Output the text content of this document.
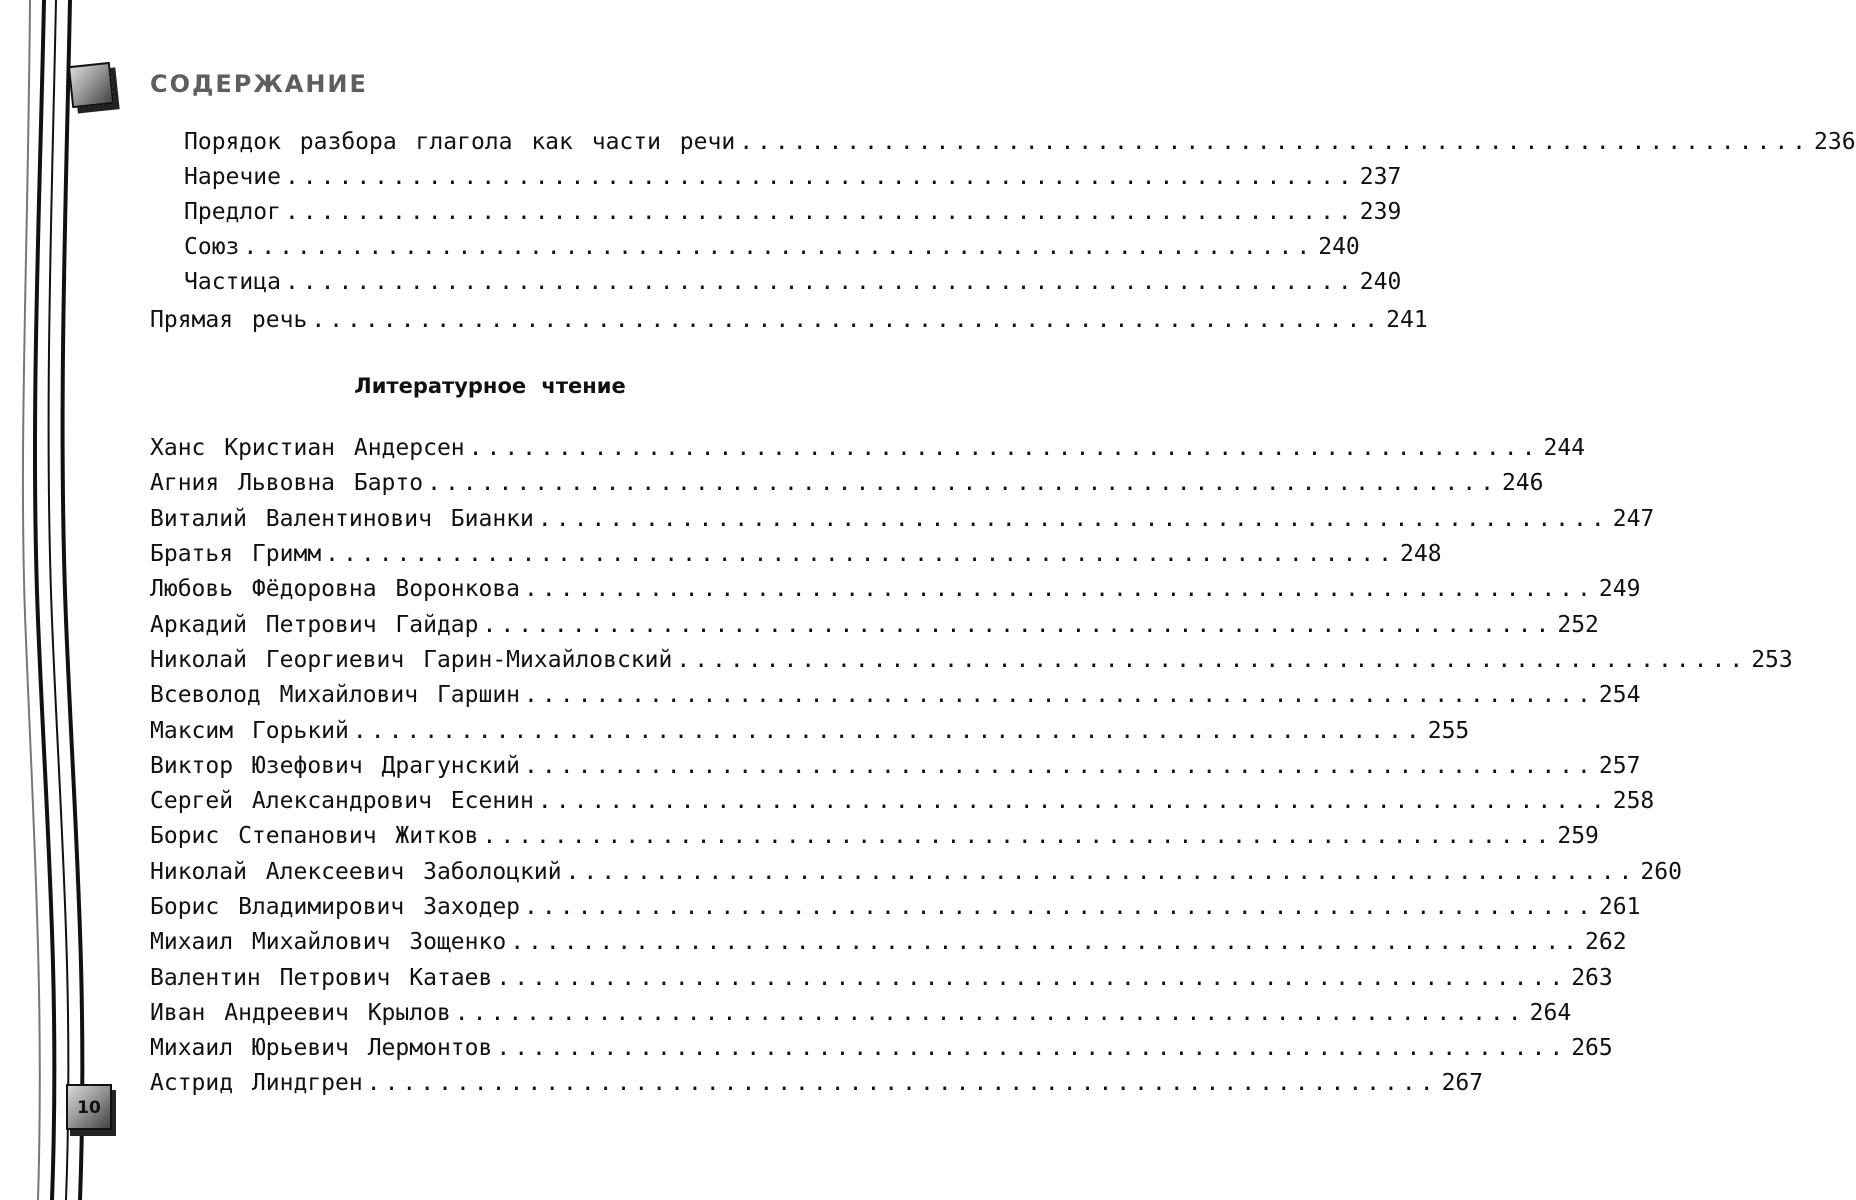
10
СОДЕРЖАНИЕ
Порядок разбора глагола как части речи ............................................................ 236
Наречие ............................................................ 237
Предлог ............................................................ 239
Союз ............................................................ 240
Частица ............................................................ 240
Прямая речь ............................................................ 241
Литературное чтение
Ханс Кристиан Андерсен ............................................................ 244
Агния Львовна Барто ............................................................ 246
Виталий Валентинович Бианки ............................................................ 247
Братья Гримм ............................................................ 248
Любовь Фёдоровна Воронкова ............................................................ 249
Аркадий Петрович Гайдар ............................................................ 252
Николай Георгиевич Гарин-Михайловский ............................................................ 253
Всеволод Михайлович Гаршин ............................................................ 254
Максим Горький ............................................................ 255
Виктор Юзефович Драгунский ............................................................ 257
Сергей Александрович Есенин ............................................................ 258
Борис Степанович Житков ............................................................ 259
Николай Алексеевич Заболоцкий ............................................................ 260
Борис Владимирович Заходер ............................................................ 261
Михаил Михайлович Зощенко ............................................................ 262
Валентин Петрович Катаев ............................................................ 263
Иван Андреевич Крылов ............................................................ 264
Михаил Юрьевич Лермонтов ............................................................ 265
Астрид Линдгрен ............................................................ 267
